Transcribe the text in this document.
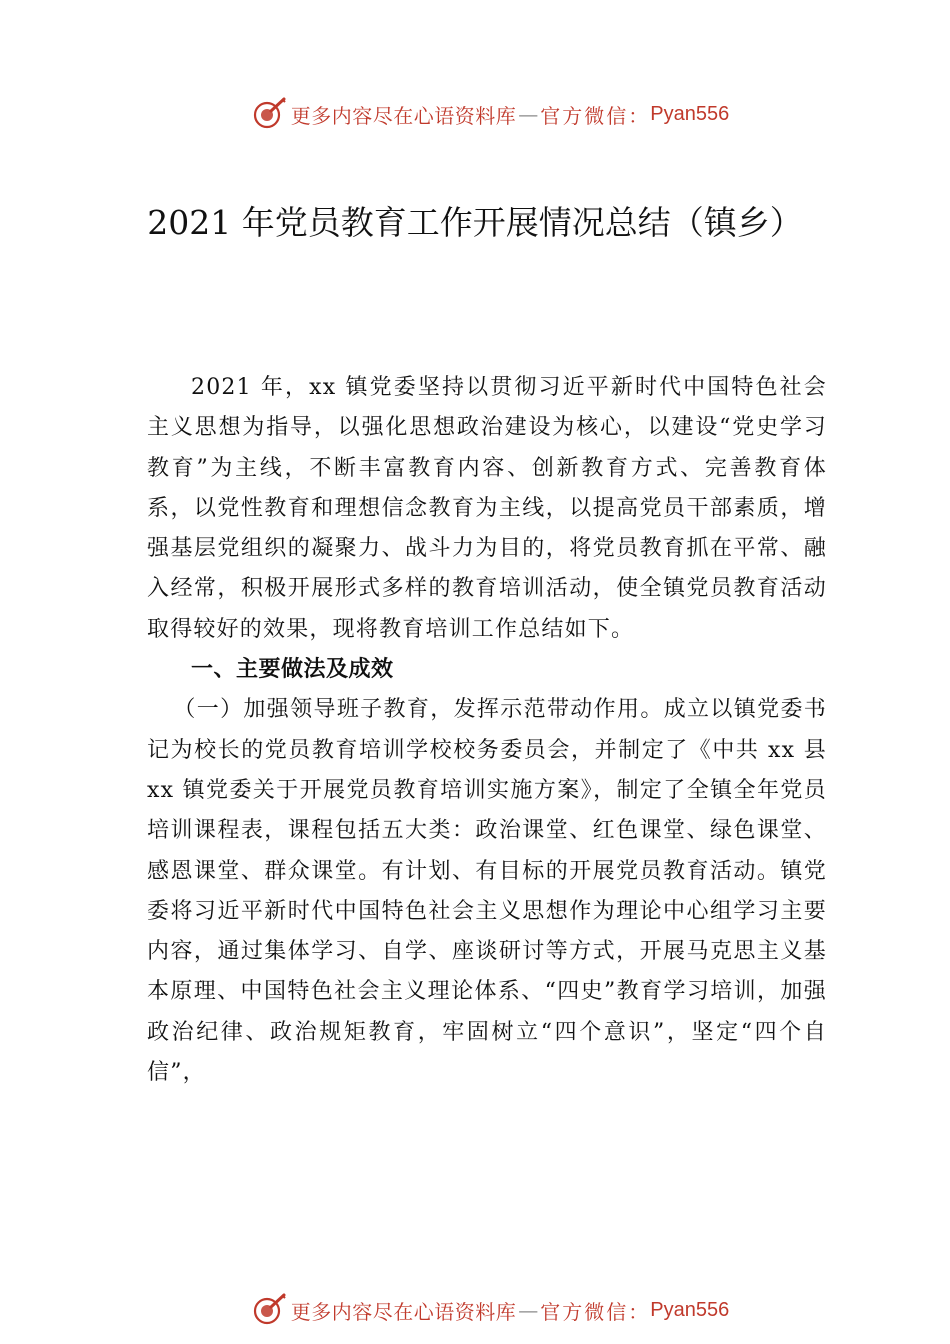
更多内容尽在心语资料库 — 官方微信： Pyan556
2021 年党员教育工作开展情况总结（镇乡）

2021 年，xx 镇党委坚持以贯彻习近平新时代中国特色社会主义思想为指导，以强化思想政治建设为核心，以建设“党史学习教育”为主线，不断丰富教育内容、创新教育方式、完善教育体系，以党性教育和理想信念教育为主线，以提高党员干部素质，增强基层党组织的凝聚力、战斗力为目的，将党员教育抓在平常、融入经常，积极开展形式多样的教育培训活动，使全镇党员教育活动取得较好的效果，现将教育培训工作总结如下。

一、主要做法及成效

（一）加强领导班子教育，发挥示范带动作用。成立以镇党委书记为校长的党员教育培训学校校务委员会，并制定了《中共 xx 县 xx 镇党委关于开展党员教育培训实施方案》，制定了全镇全年党员培训课程表，课程包括五大类：政治课堂、红色课堂、绿色课堂、感恩课堂、群众课堂。有计划、有目标的开展党员教育活动。镇党委将习近平新时代中国特色社会主义思想作为理论中心组学习主要内容，通过集体学习、自学、座谈研讨等方式，开展马克思主义基本原理、中国特色社会主义理论体系、“四史”教育学习培训，加强政治纪律、政治规矩教育，牢固树立“四个意识”，坚定“四个自信”，

更多内容尽在心语资料库 — 官方微信： Pyan556
